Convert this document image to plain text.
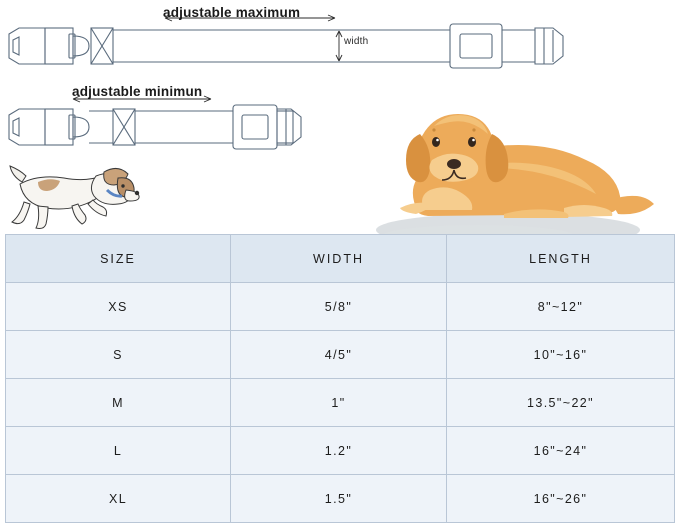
adjustable maximum
width
adjustable minimun
SIZE	WIDTH	LENGTH
XS	5/8"	8"~12"
S	4/5"	10"~16"
M	1"	13.5"~22"
L	1.2"	16"~24"
XL	1.5"	16"~26"
